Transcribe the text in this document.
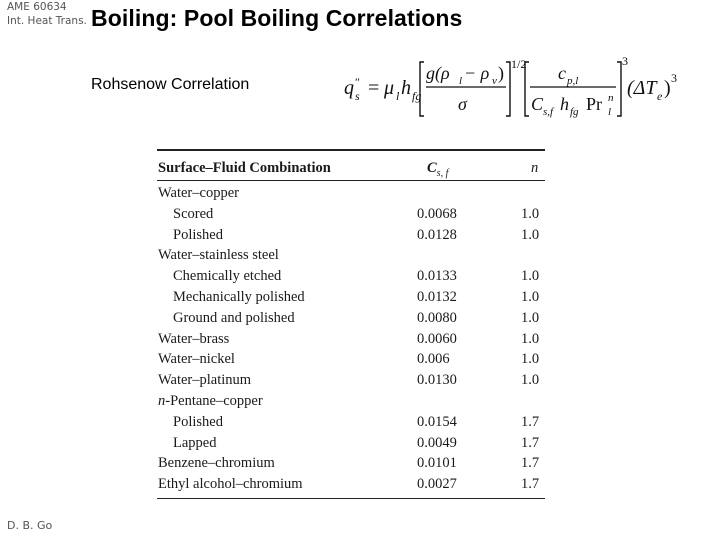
AME 60634
Int. Heat Trans. Boiling: Pool Boiling Correlations
Rohsenow Correlation	q ″
s = μ l h fg
g(ρ l − ρ v )
σ
1/2 c p,l
C s,f h fg Pr n
l
3
(ΔT e ) 3
Surface–Fluid Combination	$C_{s, f}$	n
Water–copper
Scored	0.0068	1.0
Polished	0.0128	1.0
Water–stainless steel
Chemically etched	0.0133	1.0
Mechanically polished	0.0132	1.0
Ground and polished	0.0080	1.0
Water–brass	0.0060	1.0
Water–nickel	0.006	1.0
Water–platinum	0.0130	1.0
n-Pentane–copper
Polished	0.0154	1.7
Lapped	0.0049	1.7
Benzene–chromium	0.0101	1.7
Ethyl alcohol–chromium	0.0027	1.7
D. B. Go
